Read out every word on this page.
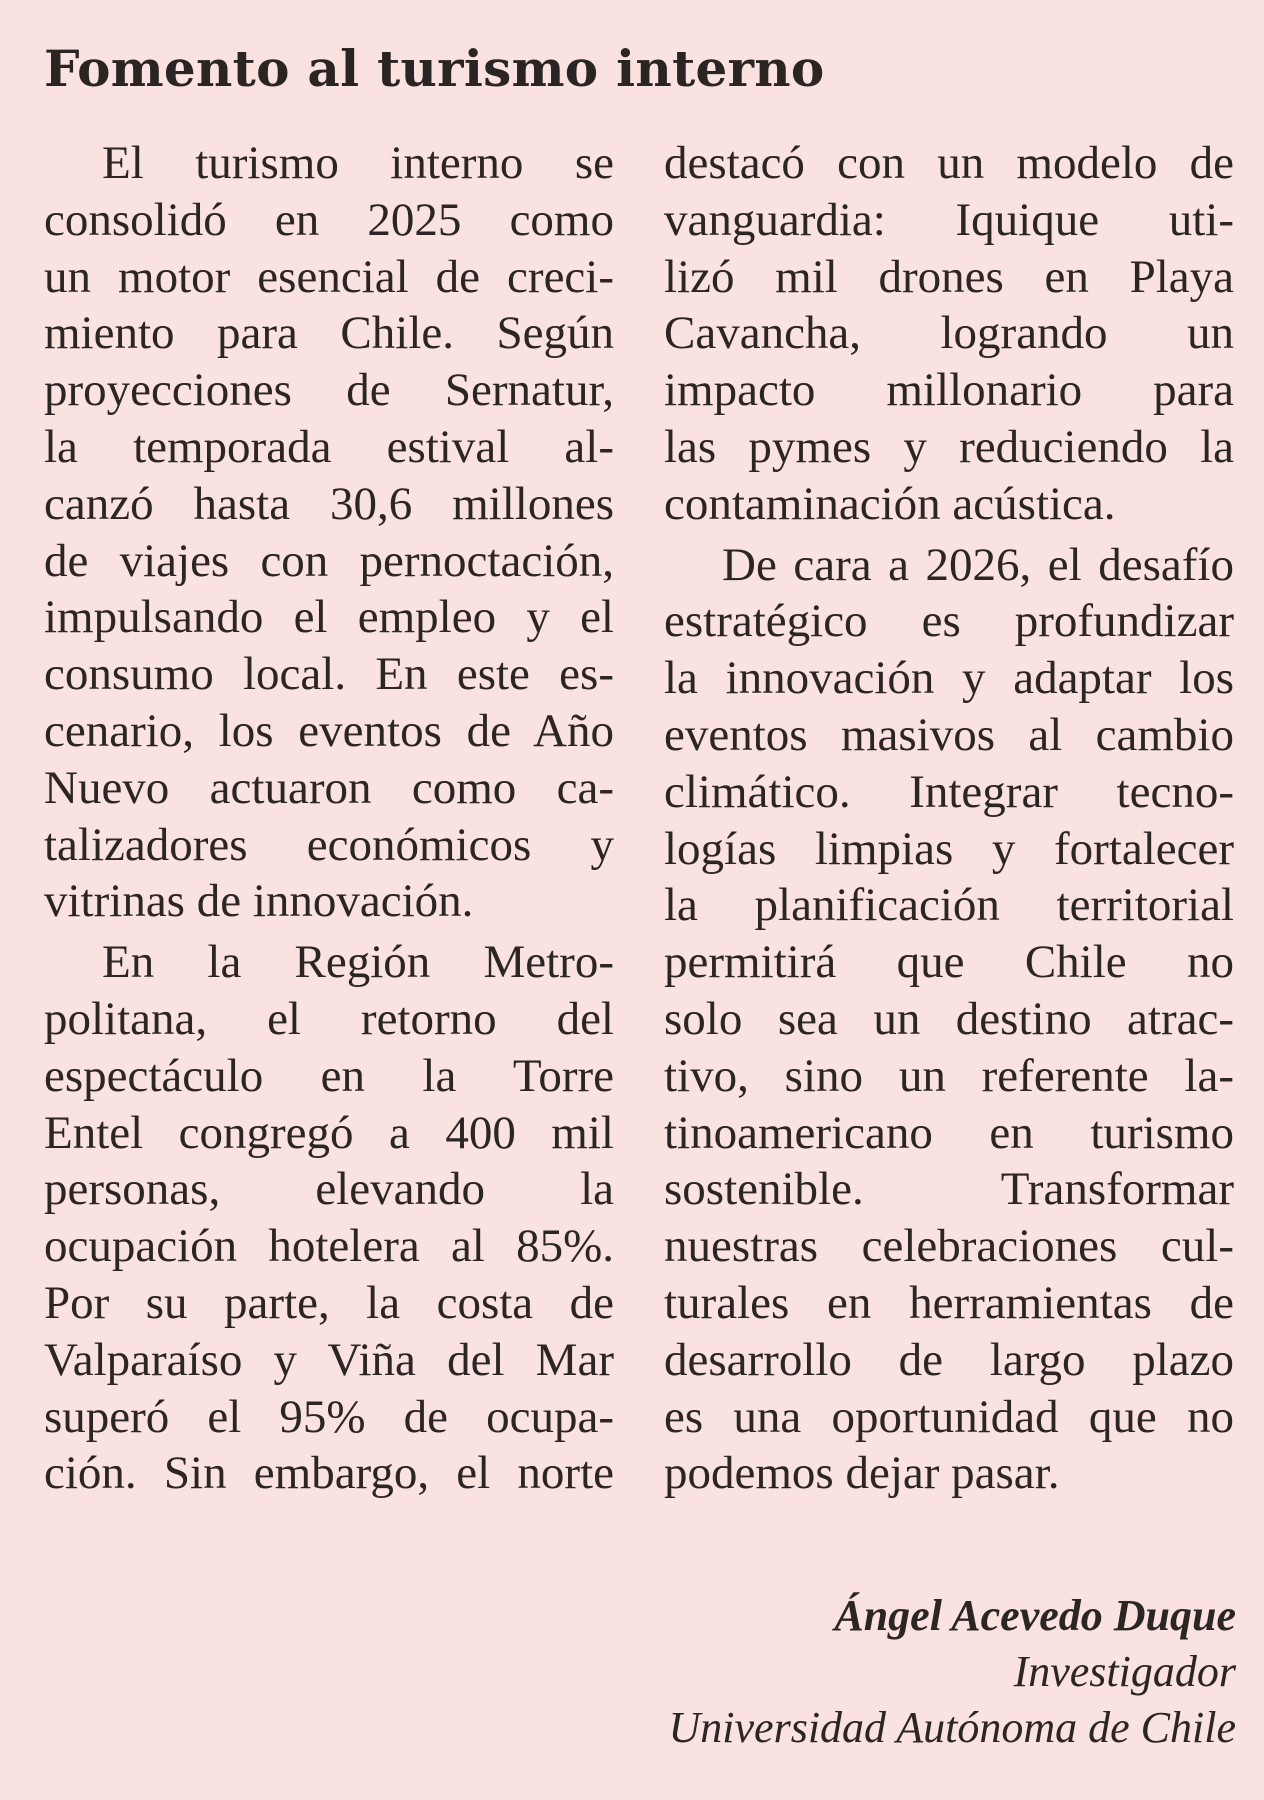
Fomento al turismo interno
El turismo interno se
consolidó en 2025 como
un motor esencial de creci-
miento para Chile. Según
proyecciones de Sernatur,
la temporada estival al-
canzó hasta 30,6 millones
de viajes con pernoctación,
impulsando el empleo y el
consumo local. En este es-
cenario, los eventos de Año
Nuevo actuaron como ca-
talizadores económicos y
vitrinas de innovación.
En la Región Metro-
politana, el retorno del
espectáculo en la Torre
Entel congregó a 400 mil
personas, elevando la
ocupación hotelera al 85%.
Por su parte, la costa de
Valparaíso y Viña del Mar
superó el 95% de ocupa-
ción. Sin embargo, el norte
destacó con un modelo de
vanguardia: Iquique uti-
lizó mil drones en Playa
Cavancha, logrando un
impacto millonario para
las pymes y reduciendo la
contaminación acústica.
De cara a 2026, el desafío
estratégico es profundizar
la innovación y adaptar los
eventos masivos al cambio
climático. Integrar tecno-
logías limpias y fortalecer
la planificación territorial
permitirá que Chile no
solo sea un destino atrac-
tivo, sino un referente la-
tinoamericano en turismo
sostenible. Transformar
nuestras celebraciones cul-
turales en herramientas de
desarrollo de largo plazo
es una oportunidad que no
podemos dejar pasar.
Ángel Acevedo Duque
Investigador
Universidad Autónoma de Chile
